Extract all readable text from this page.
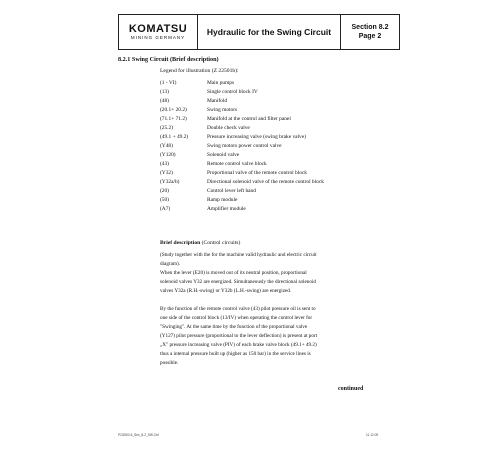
KOMATSU
MINING GERMANY
Hydraulic for the Swing Circuit	Section 8.2
Page 2
8.2.1 Swing Circuit (Brief description)
Legend for illustration (Z 22501b):
(1 - VI)	Main pumps
(13)	Single control block IV
(48)	Manifold
(20.1+ 20.2)	Swing motors
(71.1+ 71.2)	Manifold at the control and filter panel
(25.2)	Double check valve
(49.1 + 49.2)	Pressure increasing valve (swing brake valve)
(Y48)	Swing motors power control valve
(Y120)	Solenoid valve
(43)	Remote control valve block
(Y32)	Proportional valve of the remote control block
(Y32a/b)	Directional solenoid valve of the remote control block
(20)	Control lever left hand
(50)	Ramp module
(A7)	Amplifier module
Brief description (Control circuits)
(Study together with the for the machine valid hydraulic and electric circuit
diagram).
When the lever (E20) is moved out of its neutral position, proportional
solenoid valves Y32 are energized. Simultaneously the directional solenoid
valves Y32a (R.H.-swing) or Y32b (L.H.-swing) are energized.
By the function of the remote control valve (43) pilot pressure oil is sent to
one side of the control block (13/IV) when operating the control lever for
"Swinging". At the same time by the function of the proportional valve
(Y127) pilot pressure (proportional to the lever deflection) is present at port
„X" pressure increasing valve (PIV) of each brake valve block (49.1+ 49.2)
thus a internal pressure built up (higher as 150 bar) in the service lines is
possible.
continued
PC5500-6_Sec_8-2_SW-Ctrl	11.12.09
